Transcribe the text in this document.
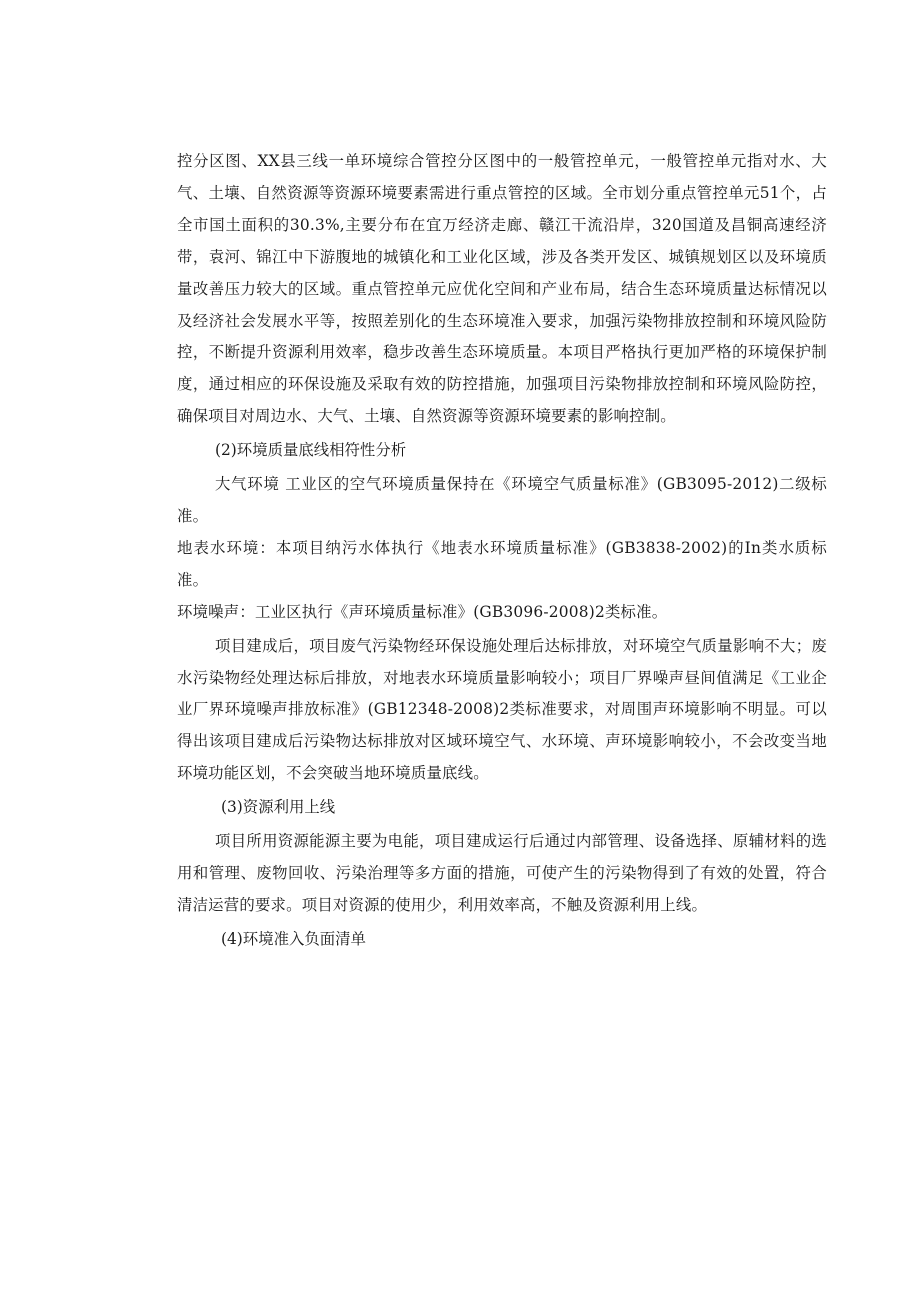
控分区图、XX县三线一单环境综合管控分区图中的一般管控单元，一般管控单元指对水、大气、土壤、自然资源等资源环境要素需进行重点管控的区域。全市划分重点管控单元51个，占全市国土面积的30.3%,主要分布在宜万经济走廊、赣江干流沿岸，320国道及昌铜高速经济带，袁河、锦江中下游腹地的城镇化和工业化区域，涉及各类开发区、城镇规划区以及环境质量改善压力较大的区域。重点管控单元应优化空间和产业布局，结合生态环境质量达标情况以及经济社会发展水平等，按照差别化的生态环境准入要求，加强污染物排放控制和环境风险防控，不断提升资源利用效率，稳步改善生态环境质量。本项目严格执行更加严格的环境保护制度，通过相应的环保设施及采取有效的防控措施，加强项目污染物排放控制和环境风险防控，确保项目对周边水、大气、土壤、自然资源等资源环境要素的影响控制。

(2)环境质量底线相符性分析

大气环境 工业区的空气环境质量保持在《环境空气质量标准》(GB3095-2012)二级标准。

地表水环境：本项目纳污水体执行《地表水环境质量标准》(GB3838-2002)的In类水质标准。

环境噪声：工业区执行《声环境质量标准》(GB3096-2008)2类标准。

项目建成后，项目废气污染物经环保设施处理后达标排放，对环境空气质量影响不大；废水污染物经处理达标后排放，对地表水环境质量影响较小；项目厂界噪声昼间值满足《工业企业厂界环境噪声排放标准》(GB12348-2008)2类标准要求，对周围声环境影响不明显。可以得出该项目建成后污染物达标排放对区域环境空气、水环境、声环境影响较小，不会改变当地环境功能区划，不会突破当地环境质量底线。

(3)资源利用上线

项目所用资源能源主要为电能，项目建成运行后通过内部管理、设备选择、原辅材料的选用和管理、废物回收、污染治理等多方面的措施，可使产生的污染物得到了有效的处置，符合清洁运营的要求。项目对资源的使用少，利用效率高，不触及资源利用上线。

(4)环境准入负面清单
